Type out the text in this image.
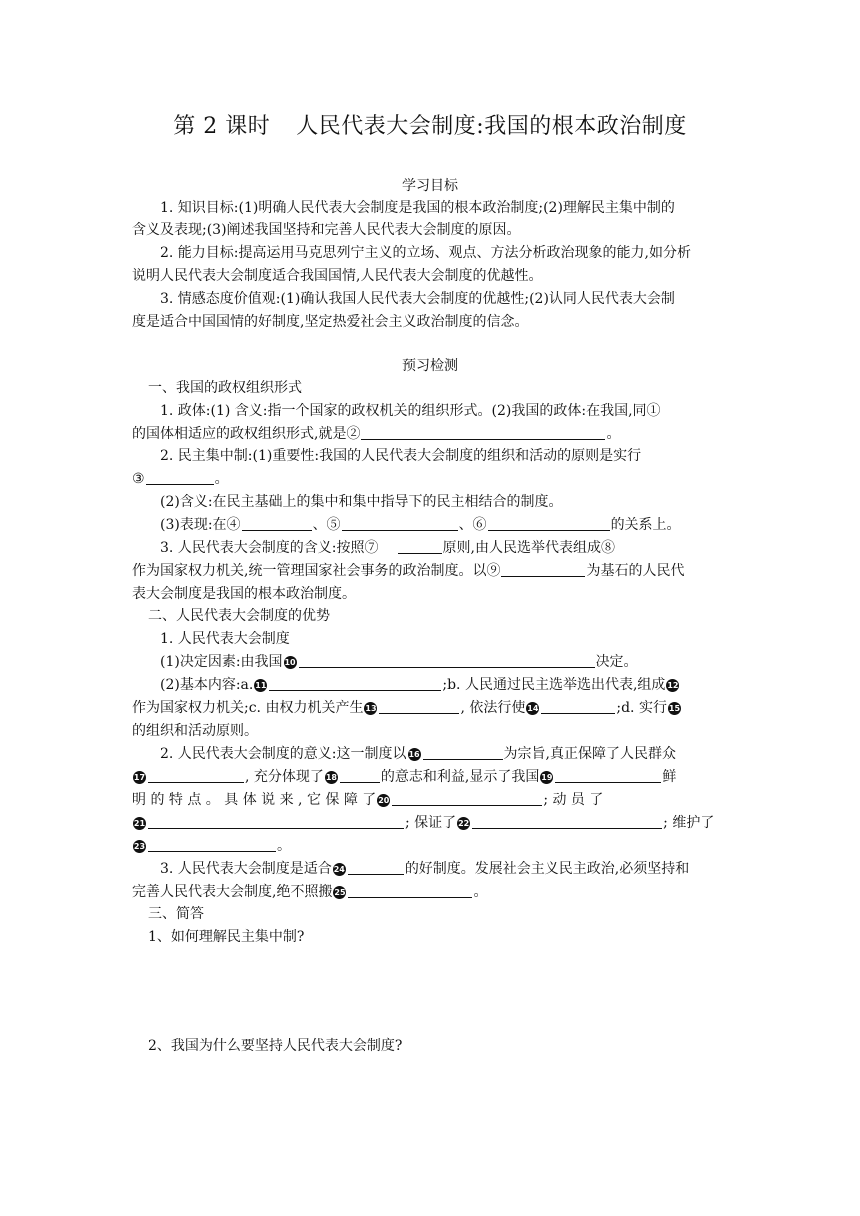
第 2 课时 人民代表大会制度:我国的根本政治制度
学习目标
1. 知识目标:(1)明确人民代表大会制度是我国的根本政治制度;(2)理解民主集中制的
含义及表现;(3)阐述我国坚持和完善人民代表大会制度的原因。
2. 能力目标:提高运用马克思列宁主义的立场、观点、方法分析政治现象的能力,如分析
说明人民代表大会制度适合我国国情,人民代表大会制度的优越性。
3. 情感态度价值观:(1)确认我国人民代表大会制度的优越性;(2)认同人民代表大会制
度是适合中国国情的好制度,坚定热爱社会主义政治制度的信念。
预习检测
一、我国的政权组织形式
1. 政体:(1) 含义:指一个国家的政权机关的组织形式。(2)我国的政体:在我国,同①
的国体相适应的政权组织形式,就是②	。
2. 民主集中制:(1)重要性:我国的人民代表大会制度的组织和活动的原则是实行
③	。
(2)含义:在民主基础上的集中和集中指导下的民主相结合的制度。
(3)表现:在④	、⑤	、⑥	的关系上。
3. 人民代表大会制度的含义:按照⑦	原则,由人民选举代表组成⑧
作为国家权力机关,统一管理国家社会事务的政治制度。以⑨	为基石的人民代
表大会制度是我国的根本政治制度。
二、人民代表大会制度的优势
1. 人民代表大会制度
(1)决定因素:由我国 10	决定。
(2)基本内容:a. 11	;b. 人民通过民主选举选出代表,组成 12
作为国家权力机关;c. 由权力机关产生 13	, 依法行使 14	;d. 实行 15
的组织和活动原则。
2. 人民代表大会制度的意义:这一制度以 16	为宗旨,真正保障了人民群众
17	, 充分体现了 18	的意志和利益,显示了我国 19	鲜
明 的 特 点 。 具 体 说 来 , 它 保 障 了 20	; 动 员 了
21	; 保证了 22	; 维护了
23	。
3. 人民代表大会制度是适合 24	的好制度。发展社会主义民主政治,必须坚持和
完善人民代表大会制度,绝不照搬 25	。
三、简答
1、如何理解民主集中制?
2、我国为什么要坚持人民代表大会制度?
